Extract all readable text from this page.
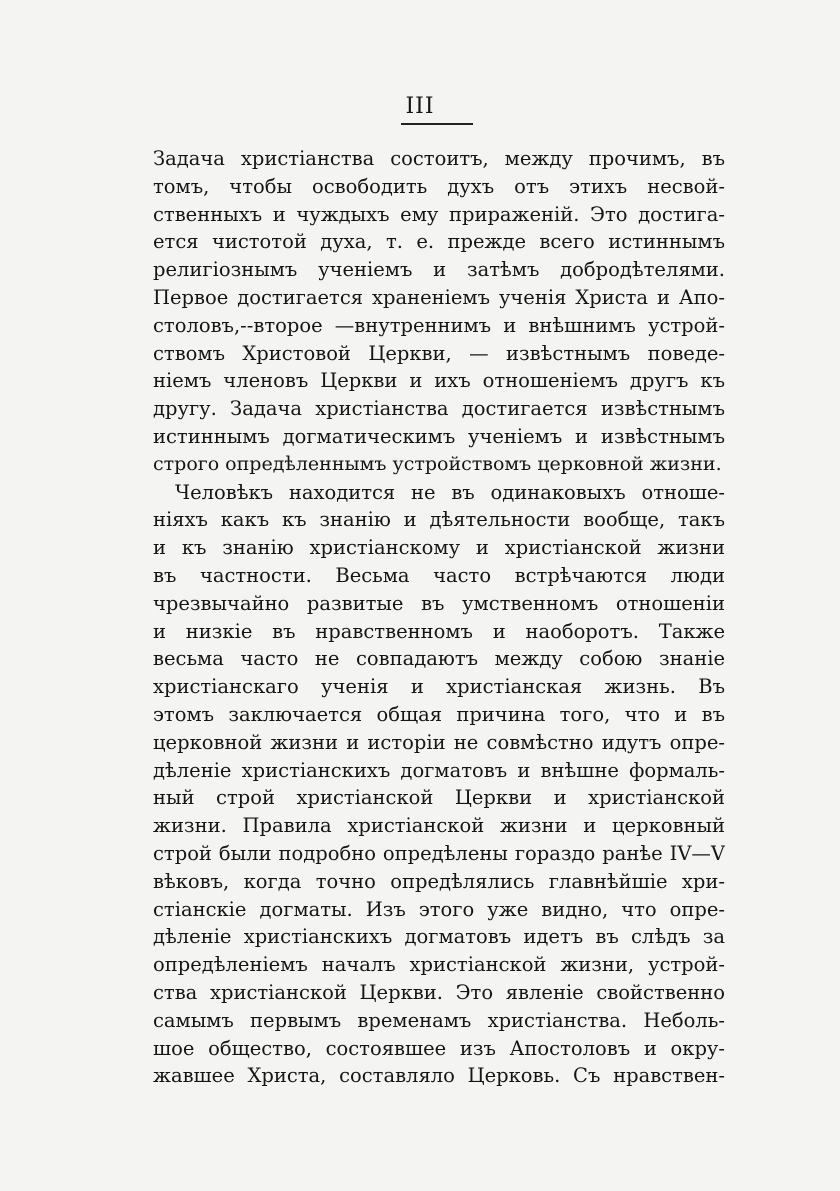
III
Задача христіанства состоитъ, между прочимъ, въ
томъ, чтобы освободить духъ отъ этихъ несвой-
ственныхъ и чуждыхъ ему приражeній. Это достига-
ется чистотой духа, т. е. прежде всего истиннымъ
религіознымъ ученіемъ и затѣмъ добродѣтелями.
Первое достигается храненіемъ ученія Христа и Апо-
столовъ,--второе —внутреннимъ и внѣшнимъ устрой-
ствомъ Христовой Церкви, — извѣстнымъ поведе-
ніемъ членовъ Церкви и ихъ отношеніемъ другъ къ
другу. Задача христіанства достигается извѣстнымъ
истиннымъ догматическимъ ученіемъ и извѣстнымъ
строго опредѣленнымъ устройствомъ церковной жизни.
Человѣкъ находится не въ одинаковыхъ отноше-
ніяхъ какъ къ знанію и дѣятельности вообще, такъ
и къ знанію христіанскому и христіанской жизни
въ частности. Весьма часто встрѣчаются люди
чрезвычайно развитые въ умственномъ отношеніи
и низкіе въ нравственномъ и наоборотъ. Также
весьма часто не совпадаютъ между собою знаніе
христіанскаго ученія и христіанская жизнь. Въ
этомъ заключается общая причина того, что и въ
церковной жизни и исторіи не совмѣстно идутъ опре-
дѣленіе христіанскихъ догматовъ и внѣшне формаль-
ный строй христіанской Церкви и христіанской
жизни. Правила христіанской жизни и церковный
строй были подробно опредѣлены гораздо ранѣе IV—V
вѣковъ, когда точно опредѣлялись главнѣйшіе хри-
стіанскіе догматы. Изъ этого уже видно, что опре-
дѣленіе христіанскихъ догматовъ идетъ въ слѣдъ за
опредѣленіемъ началъ христіанской жизни, устрой-
ства христіанской Церкви. Это явленіе свойственно
самымъ первымъ временамъ христіанства. Неболь-
шое общество, состоявшее изъ Апостоловъ и окру-
жавшее Христа, составляло Церковь. Съ нравствен-
